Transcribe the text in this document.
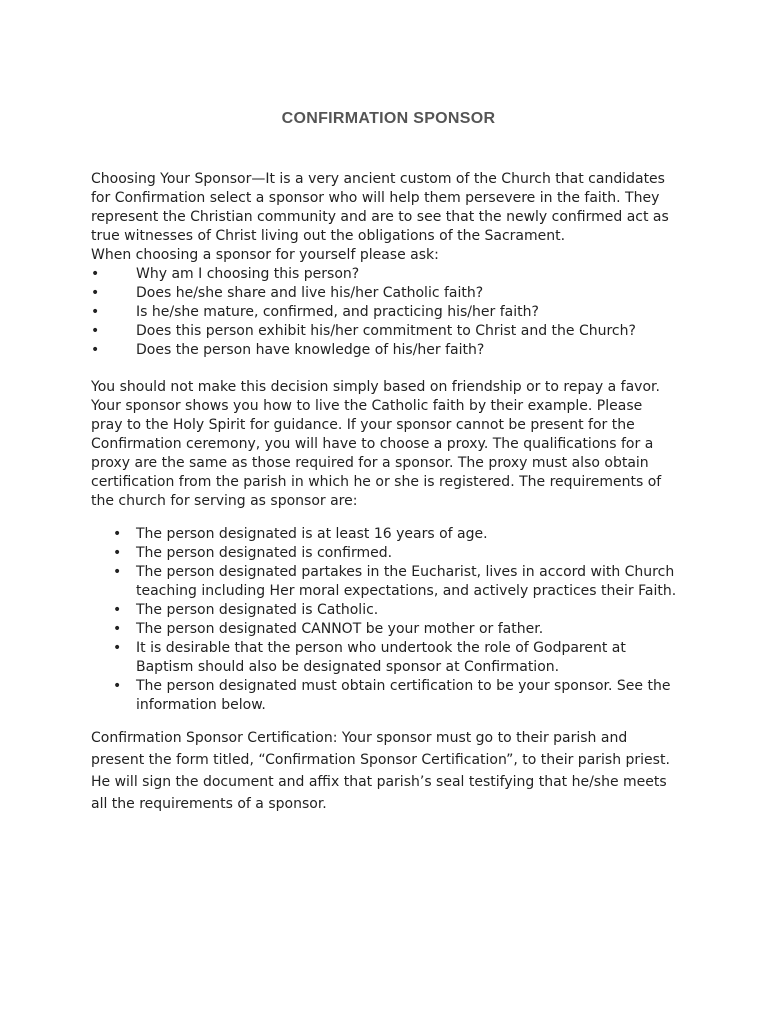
CONFIRMATION SPONSOR

Choosing Your Sponsor—It is a very ancient custom of the Church that candidates for Confirmation select a sponsor who will help them persevere in the faith. They represent the Christian community and are to see that the newly confirmed act as true witnesses of Christ living out the obligations of the Sacrament.

When choosing a sponsor for yourself please ask:

•	Why am I choosing this person?
•	Does he/she share and live his/her Catholic faith?
•	Is he/she mature, confirmed, and practicing his/her faith?
•	Does this person exhibit his/her commitment to Christ and the Church?
•	Does the person have knowledge of his/her faith?

You should not make this decision simply based on friendship or to repay a favor. Your sponsor shows you how to live the Catholic faith by their example. Please pray to the Holy Spirit for guidance. If your sponsor cannot be present for the Confirmation ceremony, you will have to choose a proxy. The qualifications for a proxy are the same as those required for a sponsor. The proxy must also obtain certification from the parish in which he or she is registered. The requirements of the church for serving as sponsor are:

• The person designated is at least 16 years of age.
• The person designated is confirmed.
• The person designated partakes in the Eucharist, lives in accord with Church teaching including Her moral expectations, and actively practices their Faith.
• The person designated is Catholic.
• The person designated CANNOT be your mother or father.
• It is desirable that the person who undertook the role of Godparent at Baptism should also be designated sponsor at Confirmation.
• The person designated must obtain certification to be your sponsor. See the information below.

Confirmation Sponsor Certification: Your sponsor must go to their parish and present the form titled, “Confirmation Sponsor Certification”, to their parish priest. He will sign the document and affix that parish’s seal testifying that he/she meets all the requirements of a sponsor.
